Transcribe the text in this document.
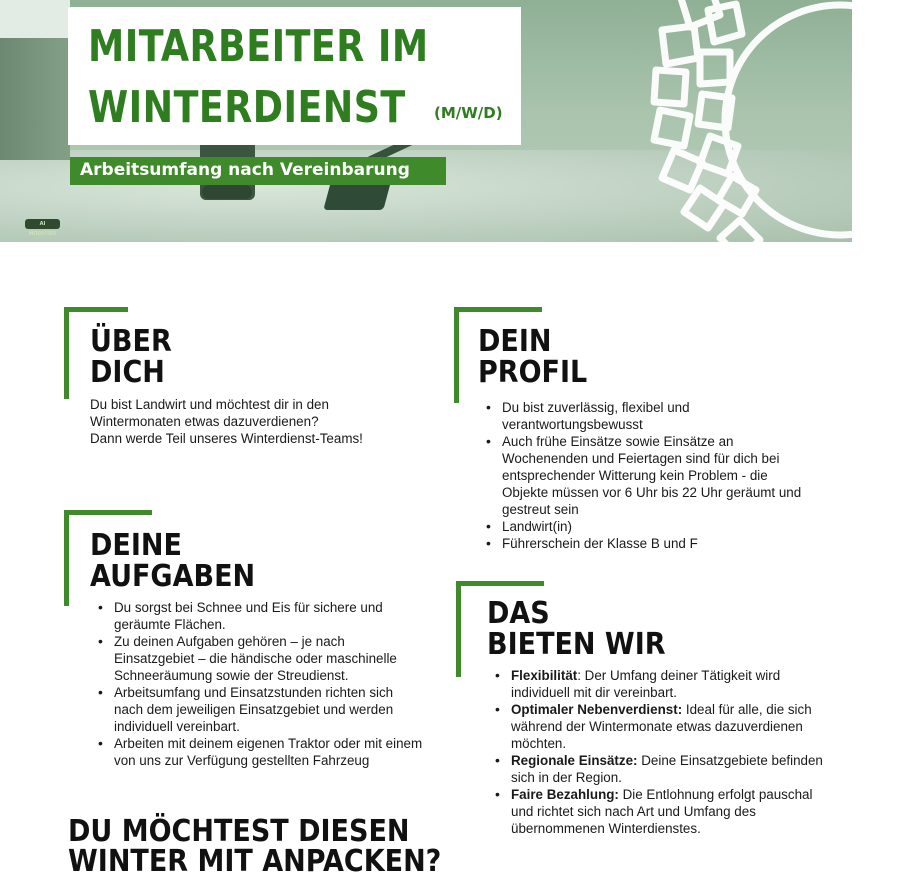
MITARBEITER IM
WINTERDIENST (M/W/D)
Arbeitsumfang nach Vereinbarung
AI MODIFIED
ÜBER
DICH
Du bist Landwirt und möchtest dir in den
Wintermonaten etwas dazuverdienen?
Dann werde Teil unseres Winterdienst-Teams!
DEIN
PROFIL
• Du bist zuverlässig, flexibel und verantwortungsbewusst
• Auch frühe Einsätze sowie Einsätze an Wochenenden und Feiertagen sind für dich bei entsprechender Witterung kein Problem - die Objekte müssen vor 6 Uhr bis 22 Uhr geräumt und gestreut sein
• Landwirt(in)
• Führerschein der Klasse B und F
DEINE
AUFGABEN
• Du sorgst bei Schnee und Eis für sichere und geräumte Flächen.
• Zu deinen Aufgaben gehören – je nach Einsatzgebiet – die händische oder maschinelle Schneeräumung sowie der Streudienst.
• Arbeitsumfang und Einsatzstunden richten sich nach dem jeweiligen Einsatzgebiet und werden individuell vereinbart.
• Arbeiten mit deinem eigenen Traktor oder mit einem von uns zur Verfügung gestellten Fahrzeug
DAS
BIETEN WIR
• Flexibilität: Der Umfang deiner Tätigkeit wird individuell mit dir vereinbart.
• Optimaler Nebenverdienst: Ideal für alle, die sich während der Wintermonate etwas dazuverdienen möchten.
• Regionale Einsätze: Deine Einsatzgebiete befinden sich in der Region.
• Faire Bezahlung: Die Entlohnung erfolgt pauschal und richtet sich nach Art und Umfang des übernommenen Winterdienstes.
DU MÖCHTEST DIESEN
WINTER MIT ANPACKEN?
